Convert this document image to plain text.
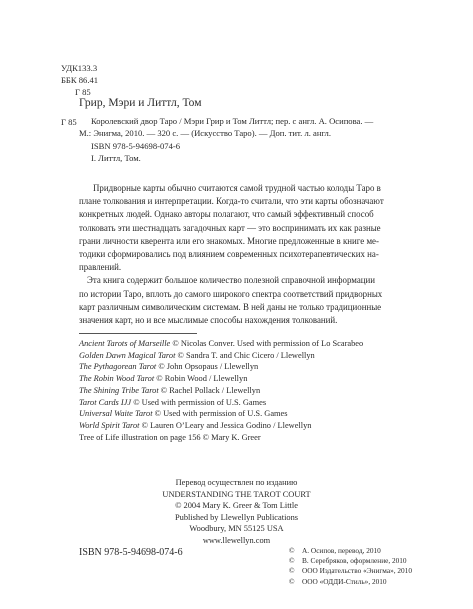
УДК133.3
ББК 86.41
Г 85
Г 85
Грир, Мэри и Литтл, Том
Королевский двор Таро / Мэри Грир и Том Литтл; пер. с англ. А. Осипова. —
М.: Энигма, 2010. — 320 с. — (Искусство Таро). — Доп. тит. л. англ.
ISBN 978-5-94698-074-6
I. Литтл, Том.
Придворные карты обычно считаются самой трудной частью колоды Таро в
плане толкования и интерпретации. Когда-то считали, что эти карты обозначают
конкретных людей. Однако авторы полагают, что самый эффективный способ
толковать эти шестнадцать загадочных карт — это воспринимать их как разные
грани личности кверента или его знакомых. Многие предложенные в книге ме-
тодики сформировались под влиянием современных психотерапевтических на-
правлений.
Эта книга содержит большое количество полезной справочной информации
по истории Таро, вплоть до самого широкого спектра соответствий придворных
карт различным символическим системам. В ней даны не только традиционные
значения карт, но и все мыслимые способы нахождения толкований.
Ancient Tarots of Marseille © Nicolas Conver. Used with permission of Lo Scarabeo
Golden Dawn Magical Tarot © Sandra T. and Chic Cicero / Llewellyn
The Pythagorean Tarot © John Opsopaus / Llewellyn
The Robin Wood Tarot © Robin Wood / Llewellyn
The Shining Tribe Tarot © Rachel Pollack / Llewellyn
Tarot Cards IJJ © Used with permission of U.S. Games
Universal Waite Tarot © Used with permission of U.S. Games
World Spirit Tarot © Lauren O’Leary and Jessica Godino / Llewellyn
Tree of Life illustration on page 156 © Mary K. Greer
Перевод осуществлен по изданию
UNDERSTANDING THE TAROT COURT
© 2004 Mary K. Greer & Tom Little
Published by Llewellyn Publications
Woodbury, MN 55125 USA
www.llewellyn.com
ISBN 978-5-94698-074-6	© А. Осипов, перевод, 2010
© В. Серебряков, оформление, 2010
© ООО Издательство «Энигма», 2010
© ООО «ОДДИ-Стиль», 2010
